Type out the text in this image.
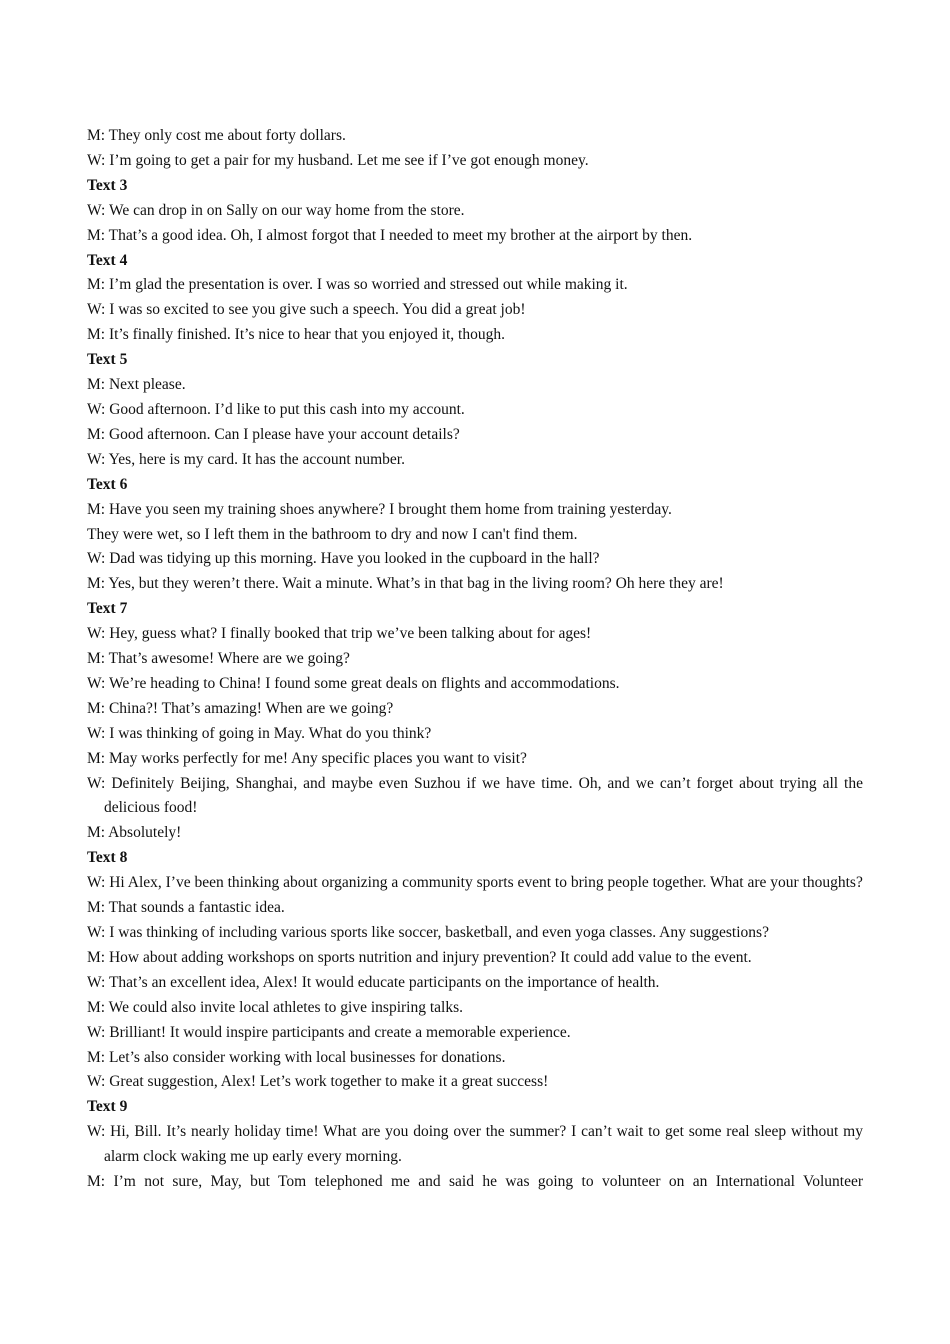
M: They only cost me about forty dollars.
W: I’m going to get a pair for my husband. Let me see if I’ve got enough money.
Text 3
W: We can drop in on Sally on our way home from the store.
M: That’s a good idea. Oh, I almost forgot that I needed to meet my brother at the airport by then.
Text 4
M: I’m glad the presentation is over. I was so worried and stressed out while making it.
W: I was so excited to see you give such a speech. You did a great job!
M: It’s finally finished. It’s nice to hear that you enjoyed it, though.
Text 5
M: Next please.
W: Good afternoon. I’d like to put this cash into my account.
M: Good afternoon. Can I please have your account details?
W: Yes, here is my card. It has the account number.
Text 6
M: Have you seen my training shoes anywhere? I brought them home from training yesterday.
They were wet, so I left them in the bathroom to dry and now I can't find them.
W: Dad was tidying up this morning. Have you looked in the cupboard in the hall?
M: Yes, but they weren’t there. Wait a minute. What’s in that bag in the living room? Oh here they are!
Text 7
W: Hey, guess what? I finally booked that trip we’ve been talking about for ages!
M: That’s awesome! Where are we going?
W: We’re heading to China! I found some great deals on flights and accommodations.
M: China?! That’s amazing! When are we going?
W: I was thinking of going in May. What do you think?
M: May works perfectly for me! Any specific places you want to visit?
W: Definitely Beijing, Shanghai, and maybe even Suzhou if we have time. Oh, and we can’t forget about trying all the delicious food!
M: Absolutely!
Text 8
W: Hi Alex, I’ve been thinking about organizing a community sports event to bring people together. What are your thoughts?
M: That sounds a fantastic idea.
W: I was thinking of including various sports like soccer, basketball, and even yoga classes. Any suggestions?
M: How about adding workshops on sports nutrition and injury prevention? It could add value to the event.
W: That’s an excellent idea, Alex! It would educate participants on the importance of health.
M: We could also invite local athletes to give inspiring talks.
W: Brilliant! It would inspire participants and create a memorable experience.
M: Let’s also consider working with local businesses for donations.
W: Great suggestion, Alex! Let’s work together to make it a great success!
Text 9
W: Hi, Bill. It’s nearly holiday time! What are you doing over the summer? I can’t wait to get some real sleep without my alarm clock waking me up early every morning.
M: I’m not sure, May, but Tom telephoned me and said he was going to volunteer on an International Volunteer
